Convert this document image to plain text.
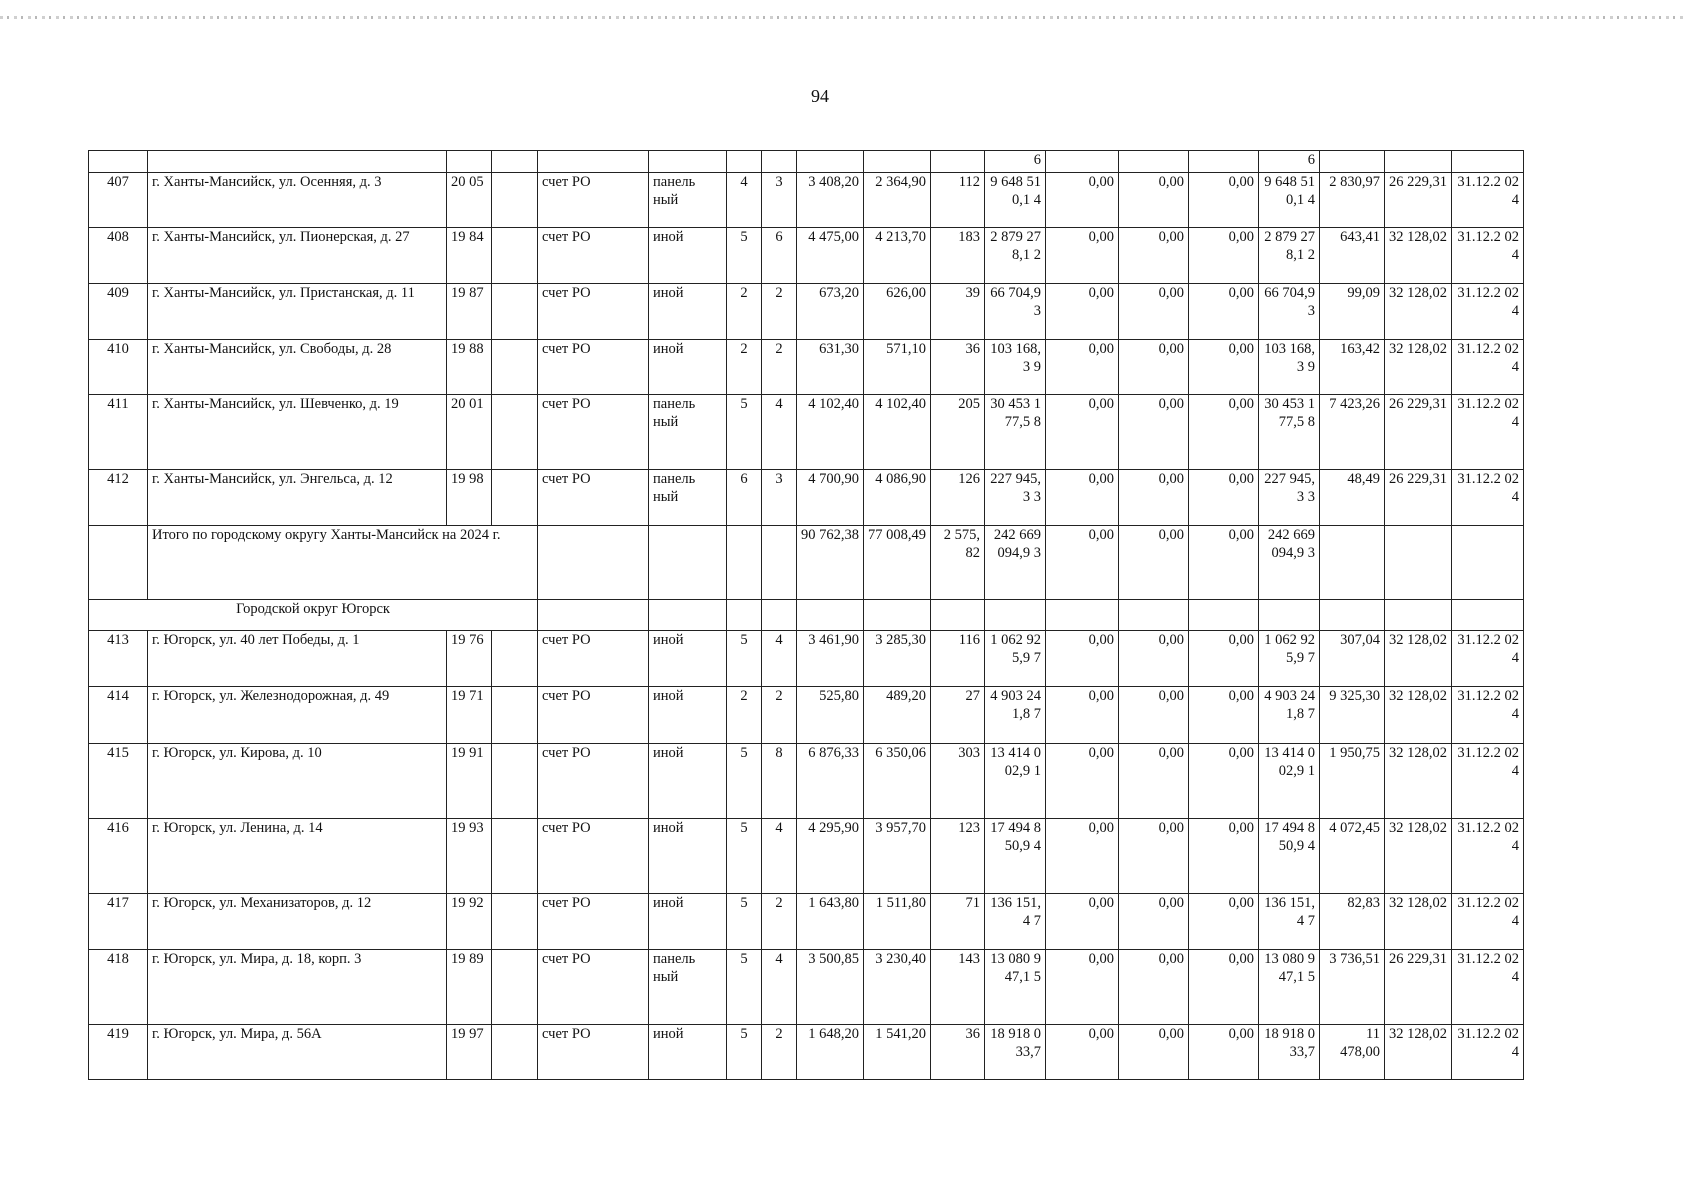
94
											6				6			
407	г. Ханты-Мансийск, ул. Осенняя, д. 3	20 05		счет РО	панель ный	4	3	3 408,20	2 364,90	112	9 648 510,1 4	0,00	0,00	0,00	9 648 510,1 4	2 830,97	26 229,31	31.12.2 024
408	г. Ханты-Мансийск, ул. Пионерская, д. 27	19 84		счет РО	иной	5	6	4 475,00	4 213,70	183	2 879 278,1 2	0,00	0,00	0,00	2 879 278,1 2	643,41	32 128,02	31.12.2 024
409	г. Ханты-Мансийск, ул. Пристанская, д. 11	19 87		счет РО	иной	2	2	673,20	626,00	39	66 704,9 3	0,00	0,00	0,00	66 704,9 3	99,09	32 128,02	31.12.2 024
410	г. Ханты-Мансийск, ул. Свободы, д. 28	19 88		счет РО	иной	2	2	631,30	571,10	36	103 168,3 9	0,00	0,00	0,00	103 168,3 9	163,42	32 128,02	31.12.2 024
411	г. Ханты-Мансийск, ул. Шевченко, д. 19	20 01		счет РО	панель ный	5	4	4 102,40	4 102,40	205	30 453 177,5 8	0,00	0,00	0,00	30 453 177,5 8	7 423,26	26 229,31	31.12.2 024
412	г. Ханты-Мансийск, ул. Энгельса, д. 12	19 98		счет РО	панель ный	6	3	4 700,90	4 086,90	126	227 945,3 3	0,00	0,00	0,00	227 945,3 3	48,49	26 229,31	31.12.2 024
	Итого по городскому округу Ханты-Мансийск на 2024 г.							90 762,38	77 008,49	2 575, 82	242 669 094,9 3	0,00	0,00	0,00	242 669 094,9 3			
Городской округ Югорск																		
413	г. Югорск, ул. 40 лет Победы, д. 1	19 76		счет РО	иной	5	4	3 461,90	3 285,30	116	1 062 925,9 7	0,00	0,00	0,00	1 062 925,9 7	307,04	32 128,02	31.12.2 024
414	г. Югорск, ул. Железнодорожная, д. 49	19 71		счет РО	иной	2	2	525,80	489,20	27	4 903 241,8 7	0,00	0,00	0,00	4 903 241,8 7	9 325,30	32 128,02	31.12.2 024
415	г. Югорск, ул. Кирова, д. 10	19 91		счет РО	иной	5	8	6 876,33	6 350,06	303	13 414 002,9 1	0,00	0,00	0,00	13 414 002,9 1	1 950,75	32 128,02	31.12.2 024
416	г. Югорск, ул. Ленина, д. 14	19 93		счет РО	иной	5	4	4 295,90	3 957,70	123	17 494 850,9 4	0,00	0,00	0,00	17 494 850,9 4	4 072,45	32 128,02	31.12.2 024
417	г. Югорск, ул. Механизаторов, д. 12	19 92		счет РО	иной	5	2	1 643,80	1 511,80	71	136 151,4 7	0,00	0,00	0,00	136 151,4 7	82,83	32 128,02	31.12.2 024
418	г. Югорск, ул. Мира, д. 18, корп. 3	19 89		счет РО	панель ный	5	4	3 500,85	3 230,40	143	13 080 947,1 5	0,00	0,00	0,00	13 080 947,1 5	3 736,51	26 229,31	31.12.2 024
419	г. Югорск, ул. Мира, д. 56А	19 97		счет РО	иной	5	2	1 648,20	1 541,20	36	18 918 033,7	0,00	0,00	0,00	18 918 033,7	11 478,00	32 128,02	31.12.2 024
